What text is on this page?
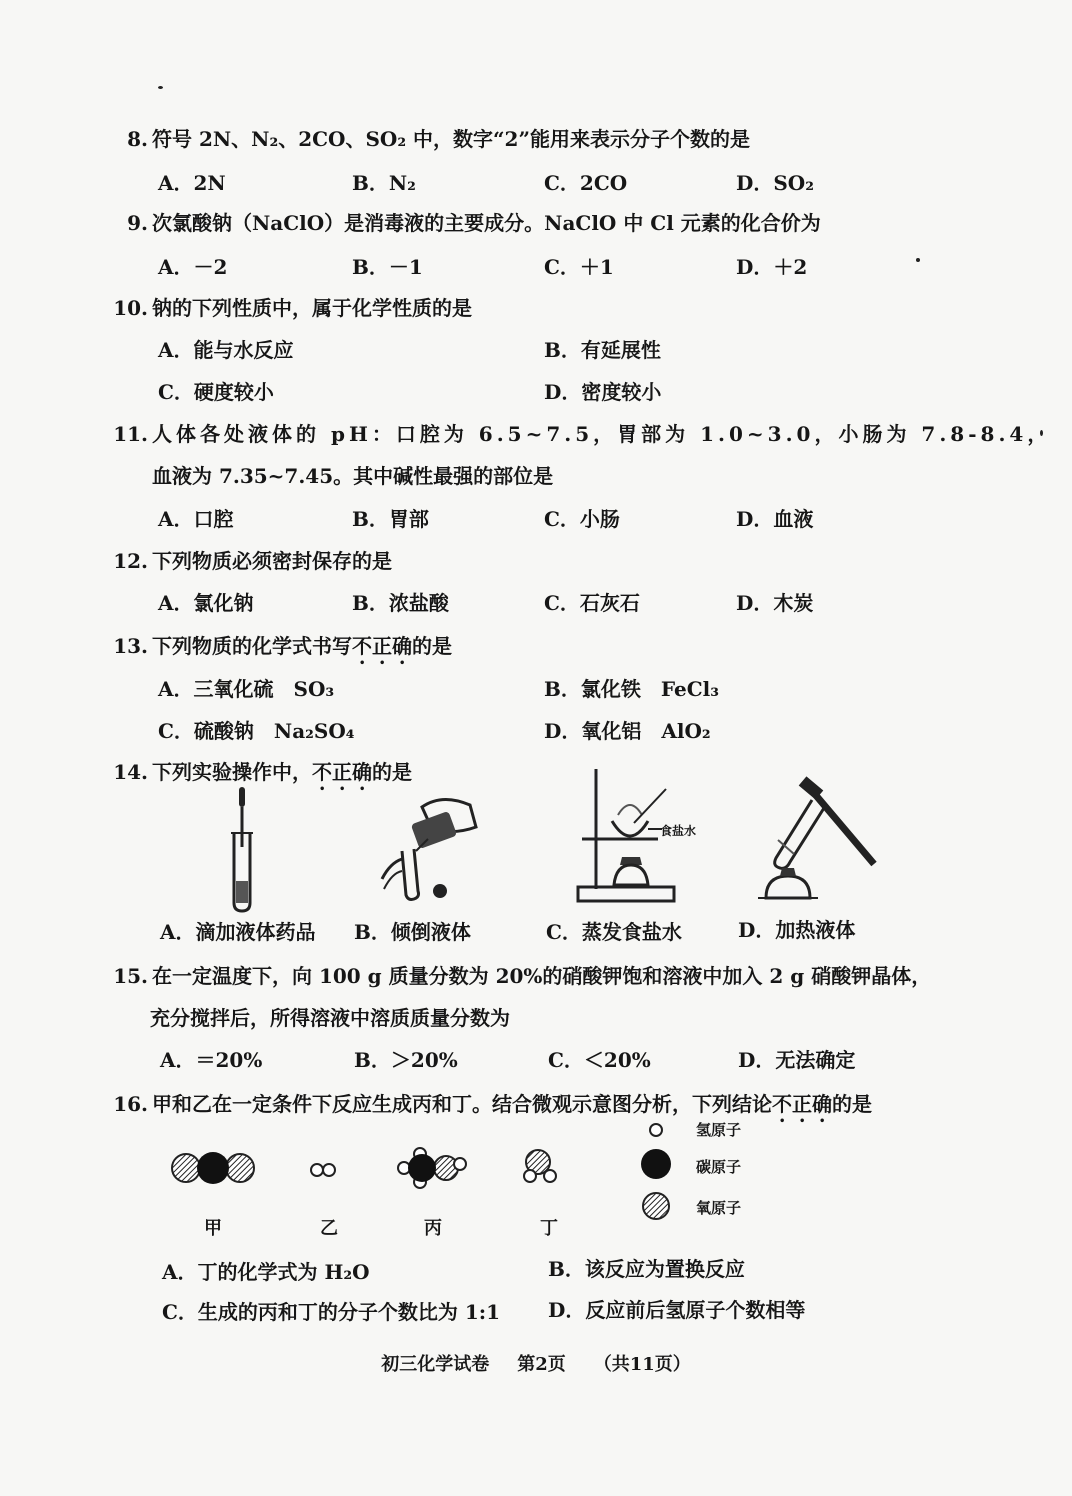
8. 符号 2N、N₂、2CO、SO₂ 中，数字“2”能用来表示分子个数的是
A．2N	B．N₂	C．2CO	D．SO₂
9. 次氯酸钠（NaClO）是消毒液的主要成分。NaClO 中 Cl 元素的化合价为
A．－2	B．－1	C．＋1	D．＋2
10. 钠的下列性质中，属于化学性质的是
A．能与水反应	B．有延展性
C．硬度较小	D．密度较小
11. 人体各处液体的 pH：口腔为 6.5~7.5，胃部为 1.0~3.0，小肠为 7.8-8.4，
血液为 7.35~7.45。其中碱性最强的部位是
A．口腔	B．胃部	C．小肠	D．血液
12. 下列物质必须密封保存的是
A．氯化钠	B．浓盐酸	C．石灰石	D．木炭
13. 下列物质的化学式书写不正确的是
A．三氧化硫　SO₃	B．氯化铁　FeCl₃
C．硫酸钠　Na₂SO₄	D．氧化铝　AlO₂
14. 下列实验操作中，不正确的是
食盐水
A．滴加液体药品 B．倾倒液体	C．蒸发食盐水	D．加热液体
15. 在一定温度下，向 100 g 质量分数为 20%的硝酸钾饱和溶液中加入 2 g 硝酸钾晶体，
充分搅拌后，所得溶液中溶质质量分数为
A．＝20%	B．＞20%	C．＜20%	D．无法确定
16. 甲和乙在一定条件下反应生成丙和丁。结合微观示意图分析，下列结论不正确的是
甲	乙	丙	丁
氢原子
碳原子
氧原子
A．丁的化学式为 H₂O	B．该反应为置换反应
C．生成的丙和丁的分子个数比为 1:1 D．反应前后氢原子个数相等
初三化学试卷 第2页 （共11页）
